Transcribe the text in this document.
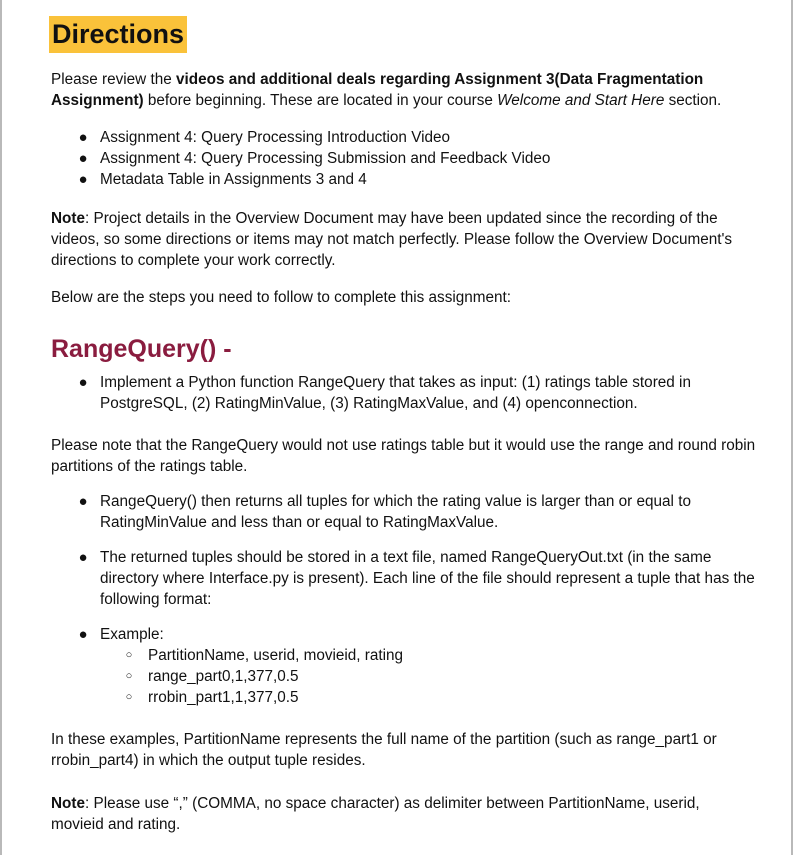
Directions

Please review the videos and additional deals regarding Assignment 3(Data Fragmentation Assignment) before beginning. These are located in your course Welcome and Start Here section.

● Assignment 4: Query Processing Introduction Video
● Assignment 4: Query Processing Submission and Feedback Video
● Metadata Table in Assignments 3 and 4

Note: Project details in the Overview Document may have been updated since the recording of the videos, so some directions or items may not match perfectly. Please follow the Overview Document's directions to complete your work correctly.

Below are the steps you need to follow to complete this assignment:

RangeQuery() -
● Implement a Python function RangeQuery that takes as input: (1) ratings table stored in PostgreSQL, (2) RatingMinValue, (3) RatingMaxValue, and (4) openconnection.

Please note that the RangeQuery would not use ratings table but it would use the range and round robin partitions of the ratings table.

● RangeQuery() then returns all tuples for which the rating value is larger than or equal to RatingMinValue and less than or equal to RatingMaxValue.
● The returned tuples should be stored in a text file, named RangeQueryOut.txt (in the same directory where Interface.py is present). Each line of the file should represent a tuple that has the following format:
● Example:
○ PartitionName, userid, movieid, rating
○ range_part0,1,377,0.5
○ rrobin_part1,1,377,0.5

In these examples, PartitionName represents the full name of the partition (such as range_part1 or rrobin_part4) in which the output tuple resides.

Note: Please use “,” (COMMA, no space character) as delimiter between PartitionName, userid, movieid and rating.
